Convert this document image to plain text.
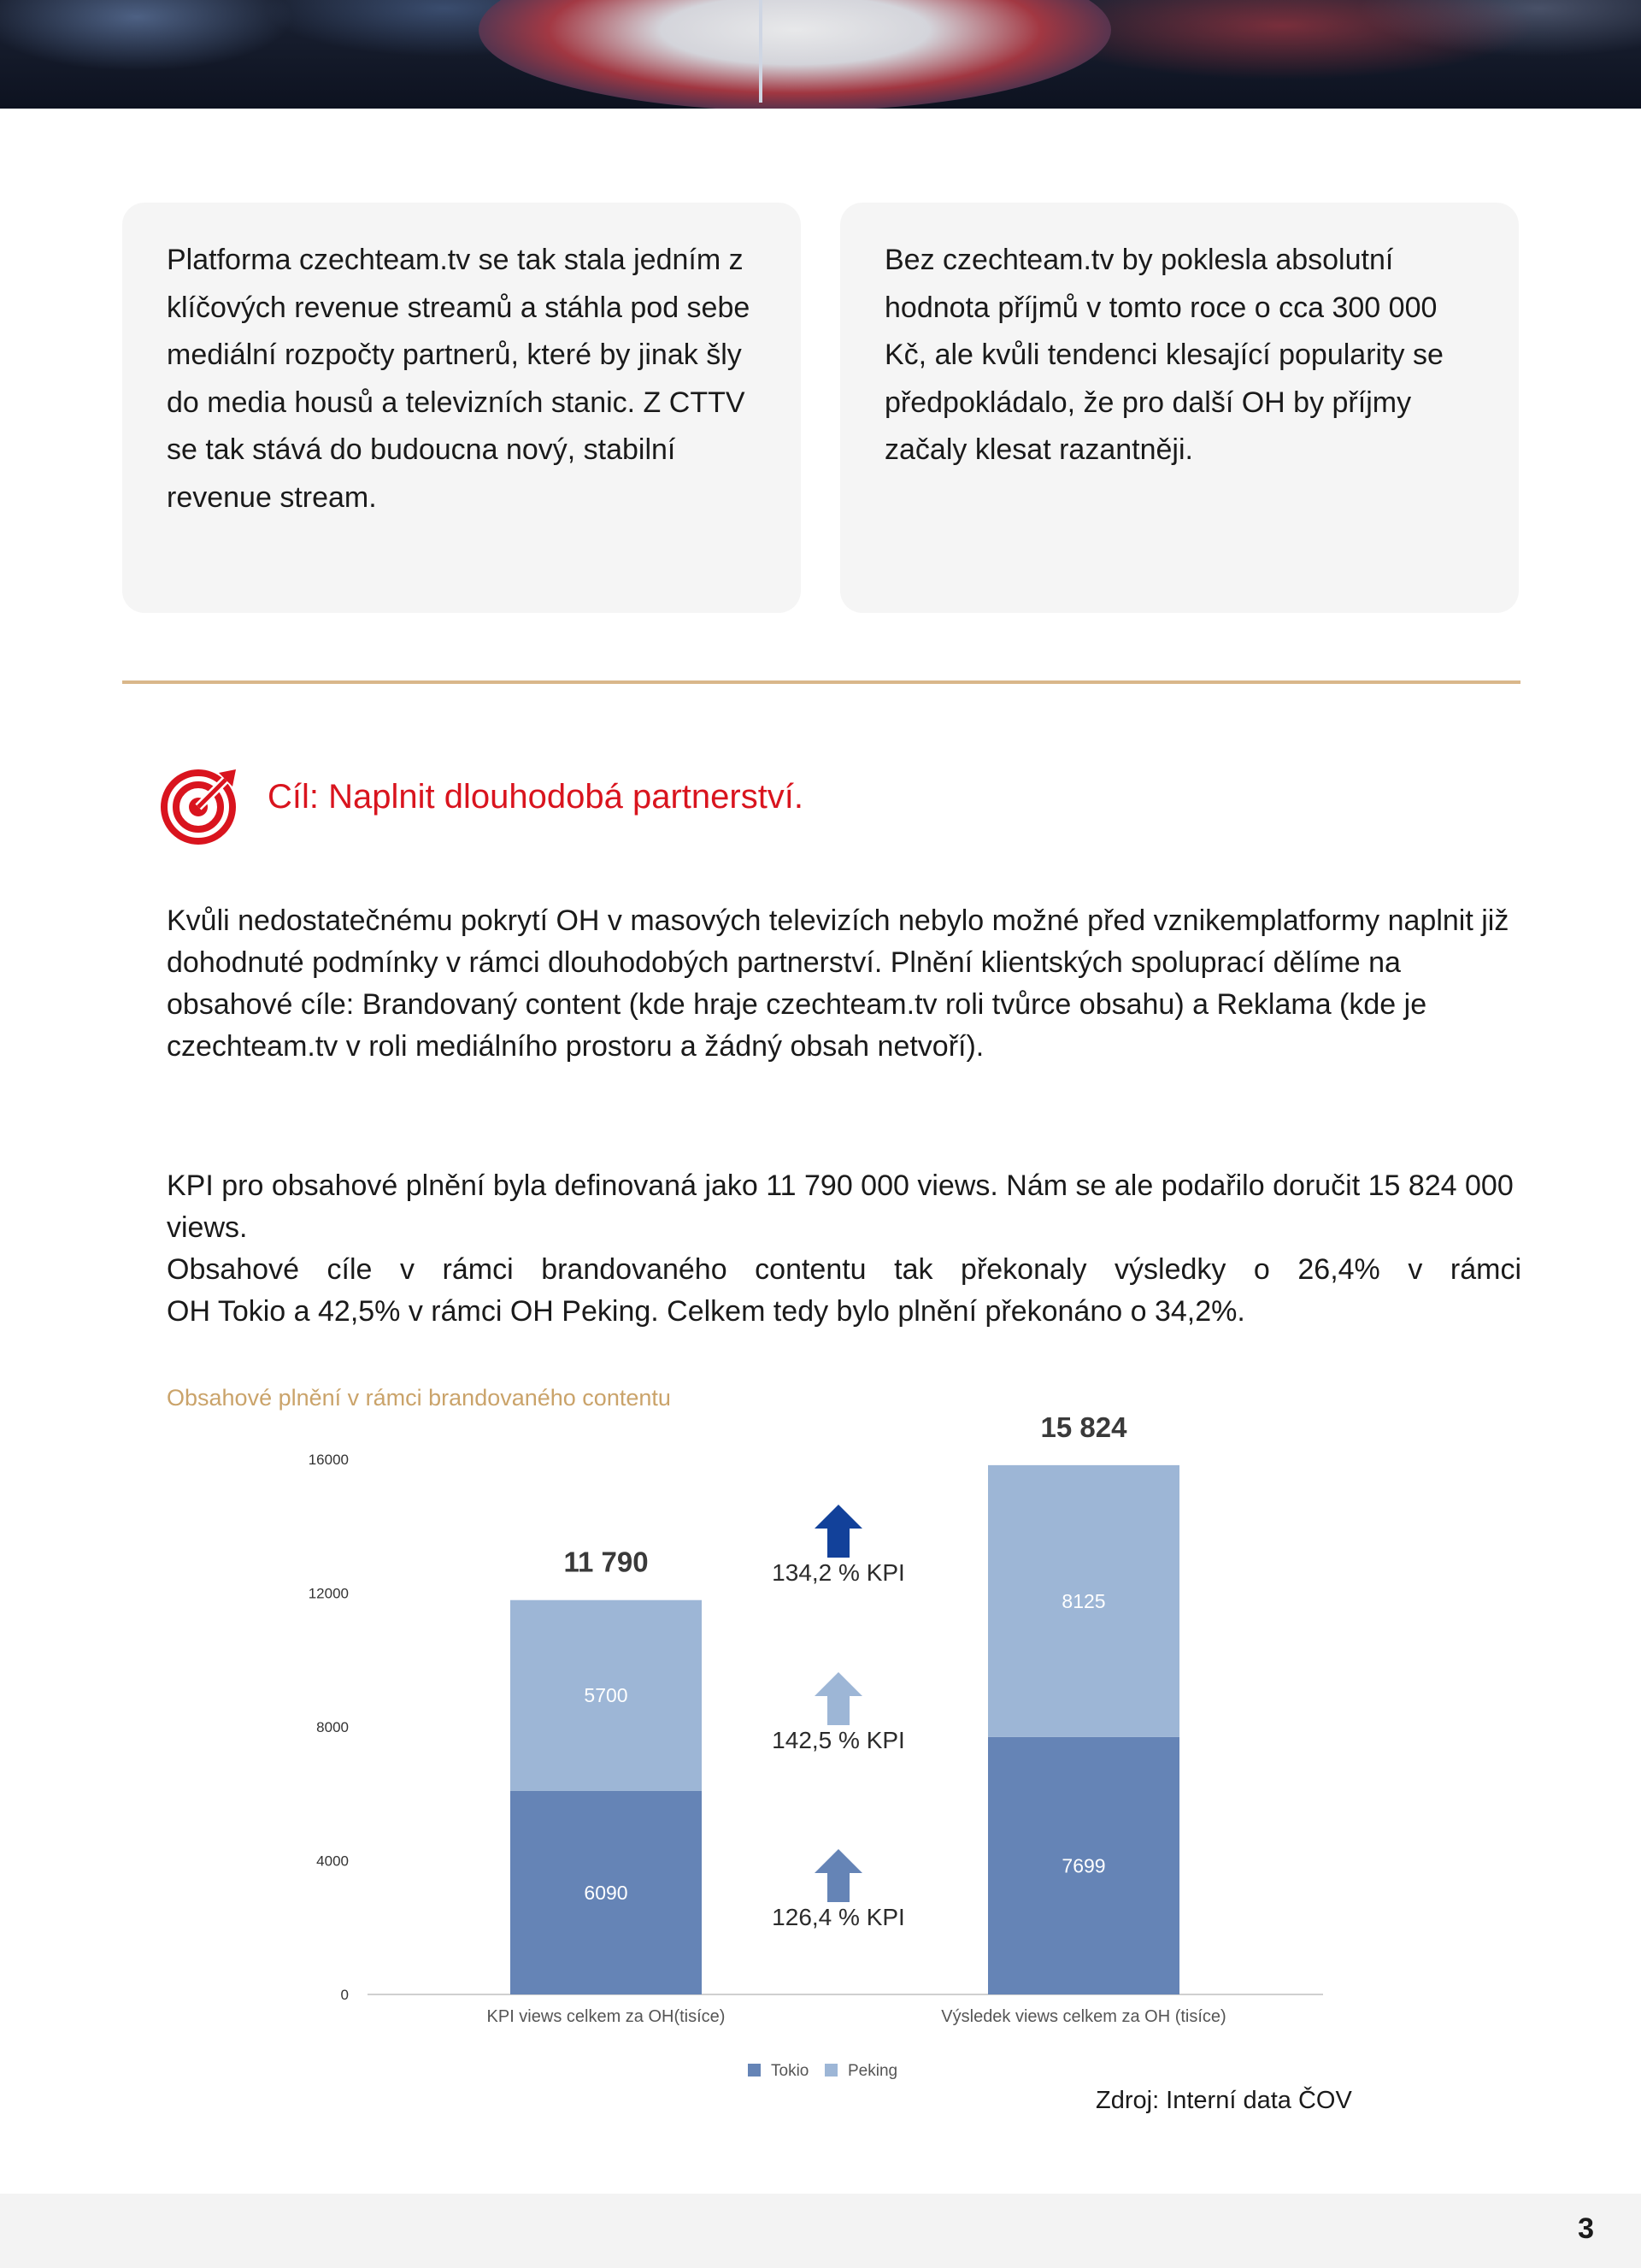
Platforma czechteam.tv se tak stala jedním z klíčových revenue streamů a stáhla pod sebe mediální rozpočty partnerů, které by jinak šly do media housů a televizních stanic. Z CTTV se tak stává do budoucna nový, stabilní revenue stream.
Bez czechteam.tv by poklesla absolutní hodnota příjmů v tomto roce o cca 300 000 Kč, ale kvůli tendenci klesající popularity se předpokládalo, že pro další OH by příjmy začaly klesat razantněji.
Cíl: Naplnit dlouhodobá partnerství.
Kvůli nedostatečnému pokrytí OH v masových televizích nebylo možné před vznikemplatformy naplnit již dohodnuté podmínky v rámci dlouhodobých partnerství. Plnění klientských spoluprací dělíme na obsahové cíle: Brandovaný content (kde hraje czechteam.tv roli tvůrce obsahu) a Reklama (kde je czechteam.tv v roli mediálního prostoru a žádný obsah netvoří).
KPI pro obsahové plnění byla definovaná jako 11 790 000 views. Nám se ale podařilo doručit 15 824 000 views.
Obsahové cíle v rámci brandovaného contentu tak překonaly výsledky o 26,4% v rámci
OH Tokio a 42,5% v rámci OH Peking. Celkem tedy bylo plnění překonáno o 34,2%.
Obsahové plnění v rámci brandovaného contentu
0
4000
8000
12000
16000
6090
5700
11 790
KPI views celkem za OH(tisíce)
7699
8125
15 824
Výsledek views celkem za OH (tisíce)
134,2 % KPI
142,5 % KPI
126,4 % KPI
Tokio Peking
Zdroj: Interní data ČOV
3
